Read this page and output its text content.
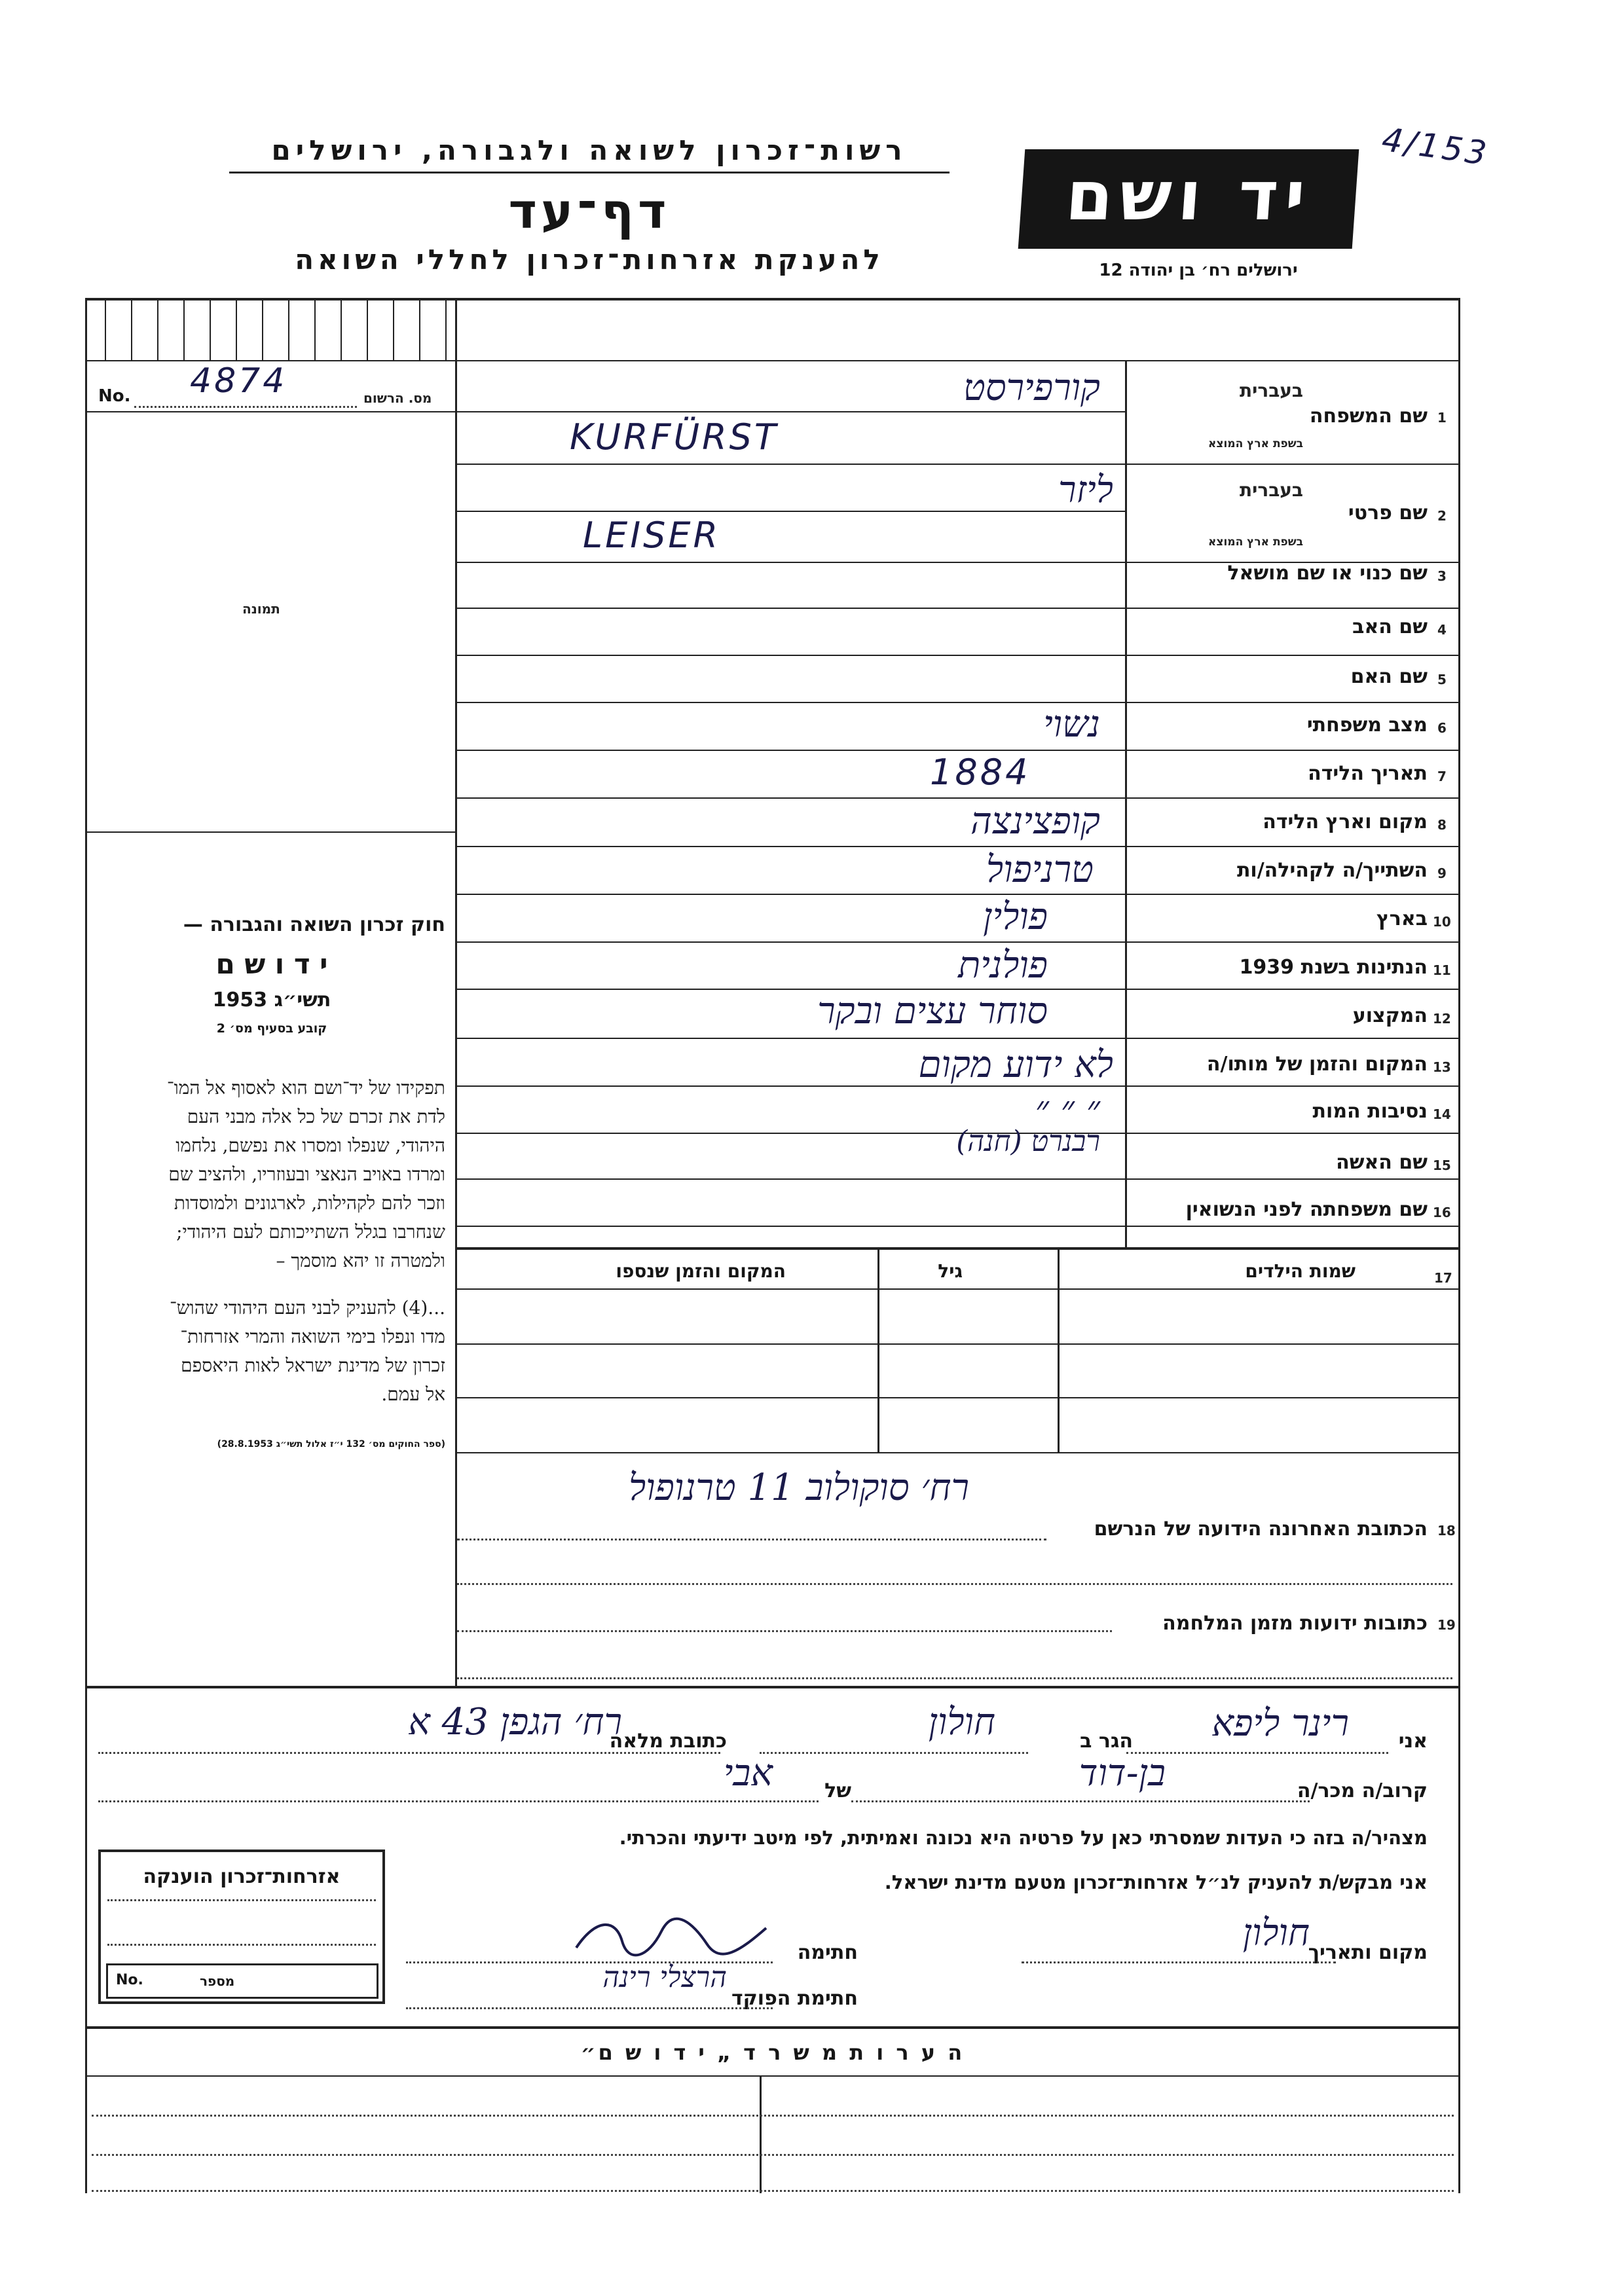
4/153
רשות־זכרון לשואה ולגבורה, ירושלים
דף־עד
להענקת אזרחות־זכרון לחללי השואה
יד ושם
ירושלים רח׳ בן יהודה 12
No. 4874	מס. הרשום
תמונה
חוק זכרון השואה והגבורה —
י ד ו ש ם
תשי״ג 1953
קובע בסעיף מס׳ 2
תפקידו של יד־ושם הוא לאסוף אל המו־
לדת את זכרם של כל אלה מבני העם
היהודי, שנפלו ומסרו את נפשם, נלחמו
ומרדו באויב הנאצי ובעוזריו, ולהציב שם
וזכר להם לקהילות, לארגונים ולמוסדות
שנחרבו בגלל השתייכותם לעם היהודי;
ולמטרה זו יהא מוסמך –
...(4) להעניק לבני העם היהודי שהוש־
מדו ונפלו בימי השואה והמרי אזרחות־
זכרון של מדינת ישראל לאות היאספם
אל עמם.
(ספר החוקים מס׳ 132 י״ז אלול תשי״ג 28.8.1953)
1
שם המשפחה
בעברית
בשפת ארץ המוצא
קורפירסט
KURFÜRST
2
שם פרטי
בעברית
בשפת ארץ המוצא
ליזר
LEISER
3
שם כנוי או שם מושאל
4
שם האב
5
שם האם
6
מצב משפחתי
נשוי
7
תאריך הלידה
1884
8
מקום וארץ הלידה
קופצינצה
9
השתייך/ה לקהילה/ות
טרניפול
10
בארץ
פולין
11
הנתינות בשנת 1939
פולנית
12
המקצוע
סוחר עצים ובקר
13
המקום והזמן של מותו/ה
לא ידוע מקום
14
נסיבות המות
״ ״ ״
15
שם האשה
רבנרט (חנה)
16
שם משפחתה לפני הנשואין
17
שמות הילדים
גיל
המקום והזמן שנספו
רח׳ סוקולוב 11 טרנופול
הכתובת האחרונה הידועה של הנרשם 18
כתובות ידועות מזמן המלחמה 19
אני
רינר ליפא
הגר ב
חולון
כתובת מלאה
רח׳ הגפן 43 א
קרוב/ה מכר/ה
בן-דוד
של
אבי
מצהיר/ה בזה כי העדות שמסרתי כאן על פרטיה היא נכונה ואמיתית, לפי מיטב ידיעתי והכרתי.
אני מבקש/ת להעניק לנ״ל אזרחות־זכרון מטעם מדינת ישראל.
מקום ותאריך
חולון
חתימה
חתימת הפוקד
הרצלי רינה
אזרחות־זכרון הוענקה
No.	מספר
ה ע ר ו ת מ ש ר ד „ י ד ו ש ם״
